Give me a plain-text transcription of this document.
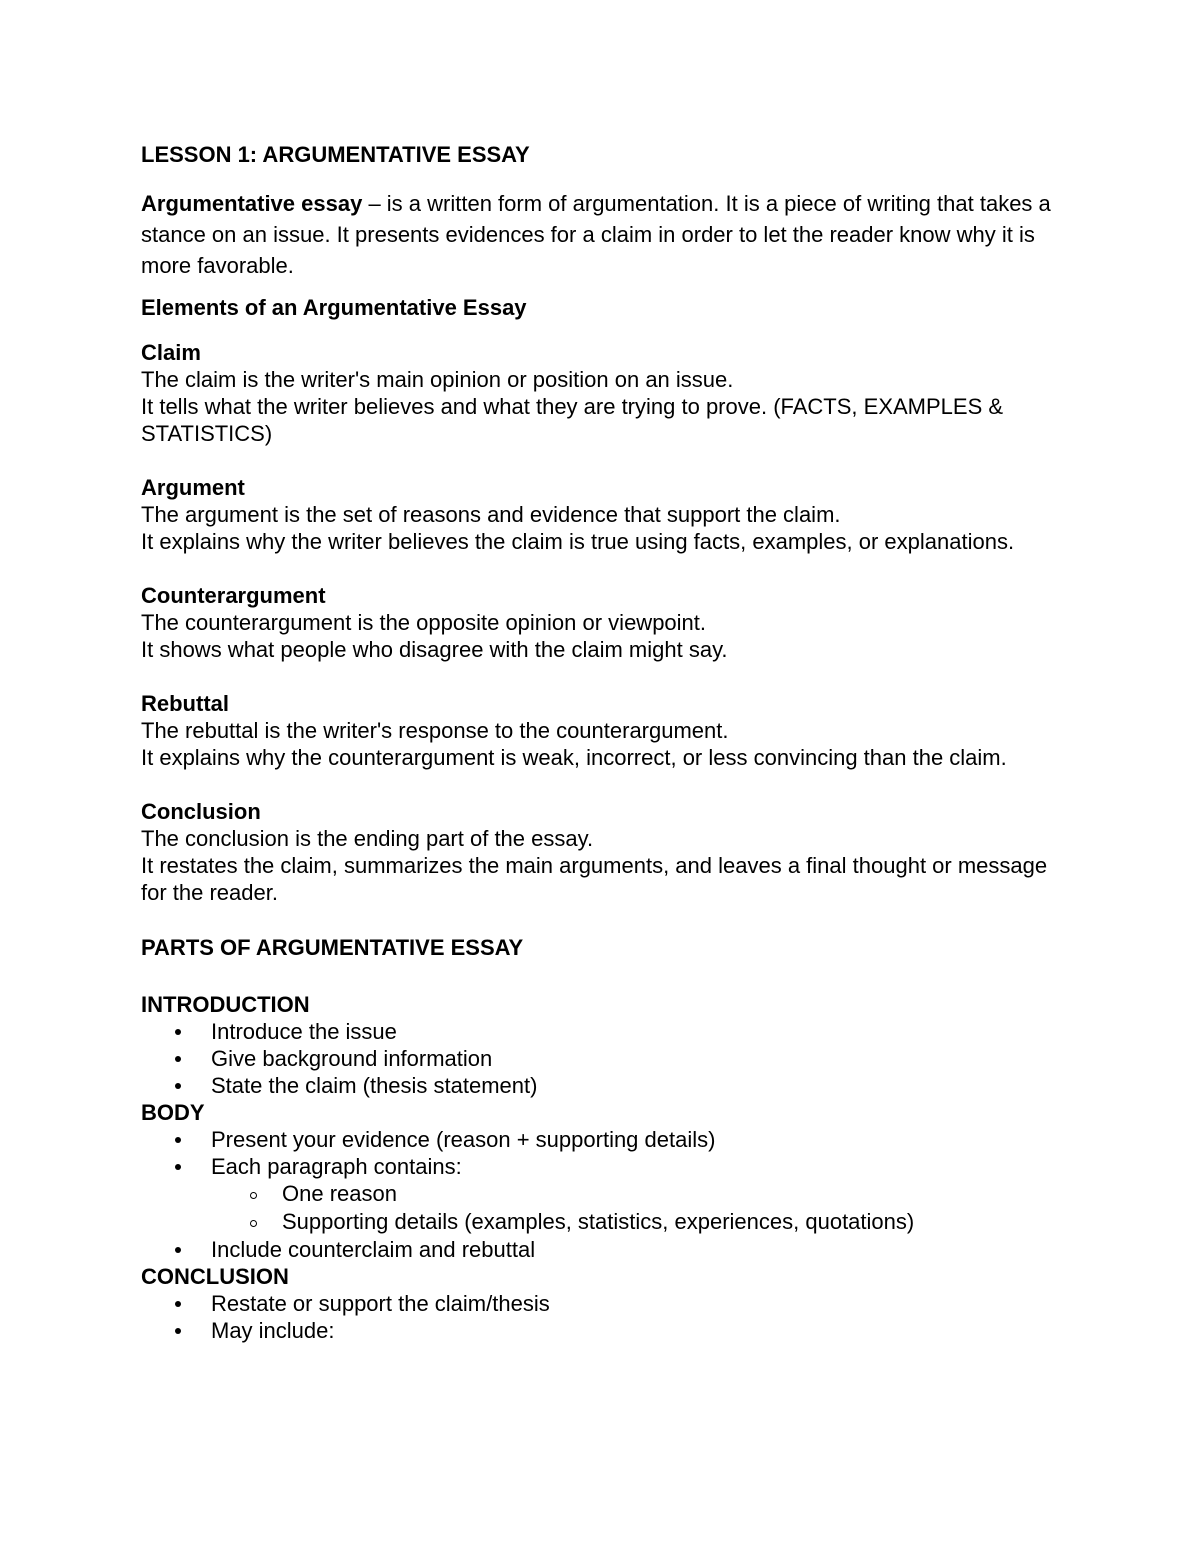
LESSON 1: ARGUMENTATIVE ESSAY
Argumentative essay – is a written form of argumentation. It is a piece of writing that takes a stance on an issue. It presents evidences for a claim in order to let the reader know why it is more favorable.
Elements of an Argumentative Essay
Claim
The claim is the writer's main opinion or position on an issue.
It tells what the writer believes and what they are trying to prove. (FACTS, EXAMPLES & STATISTICS)
Argument
The argument is the set of reasons and evidence that support the claim.
It explains why the writer believes the claim is true using facts, examples, or explanations.
Counterargument
The counterargument is the opposite opinion or viewpoint.
It shows what people who disagree with the claim might say.
Rebuttal
The rebuttal is the writer's response to the counterargument.
It explains why the counterargument is weak, incorrect, or less convincing than the claim.
Conclusion
The conclusion is the ending part of the essay.
It restates the claim, summarizes the main arguments, and leaves a final thought or message for the reader.
PARTS OF ARGUMENTATIVE ESSAY
INTRODUCTION
Introduce the issue
Give background information
State the claim (thesis statement)
BODY
Present your evidence (reason + supporting details)
Each paragraph contains:
One reason
Supporting details (examples, statistics, experiences, quotations)
Include counterclaim and rebuttal
CONCLUSION
Restate or support the claim/thesis
May include:
